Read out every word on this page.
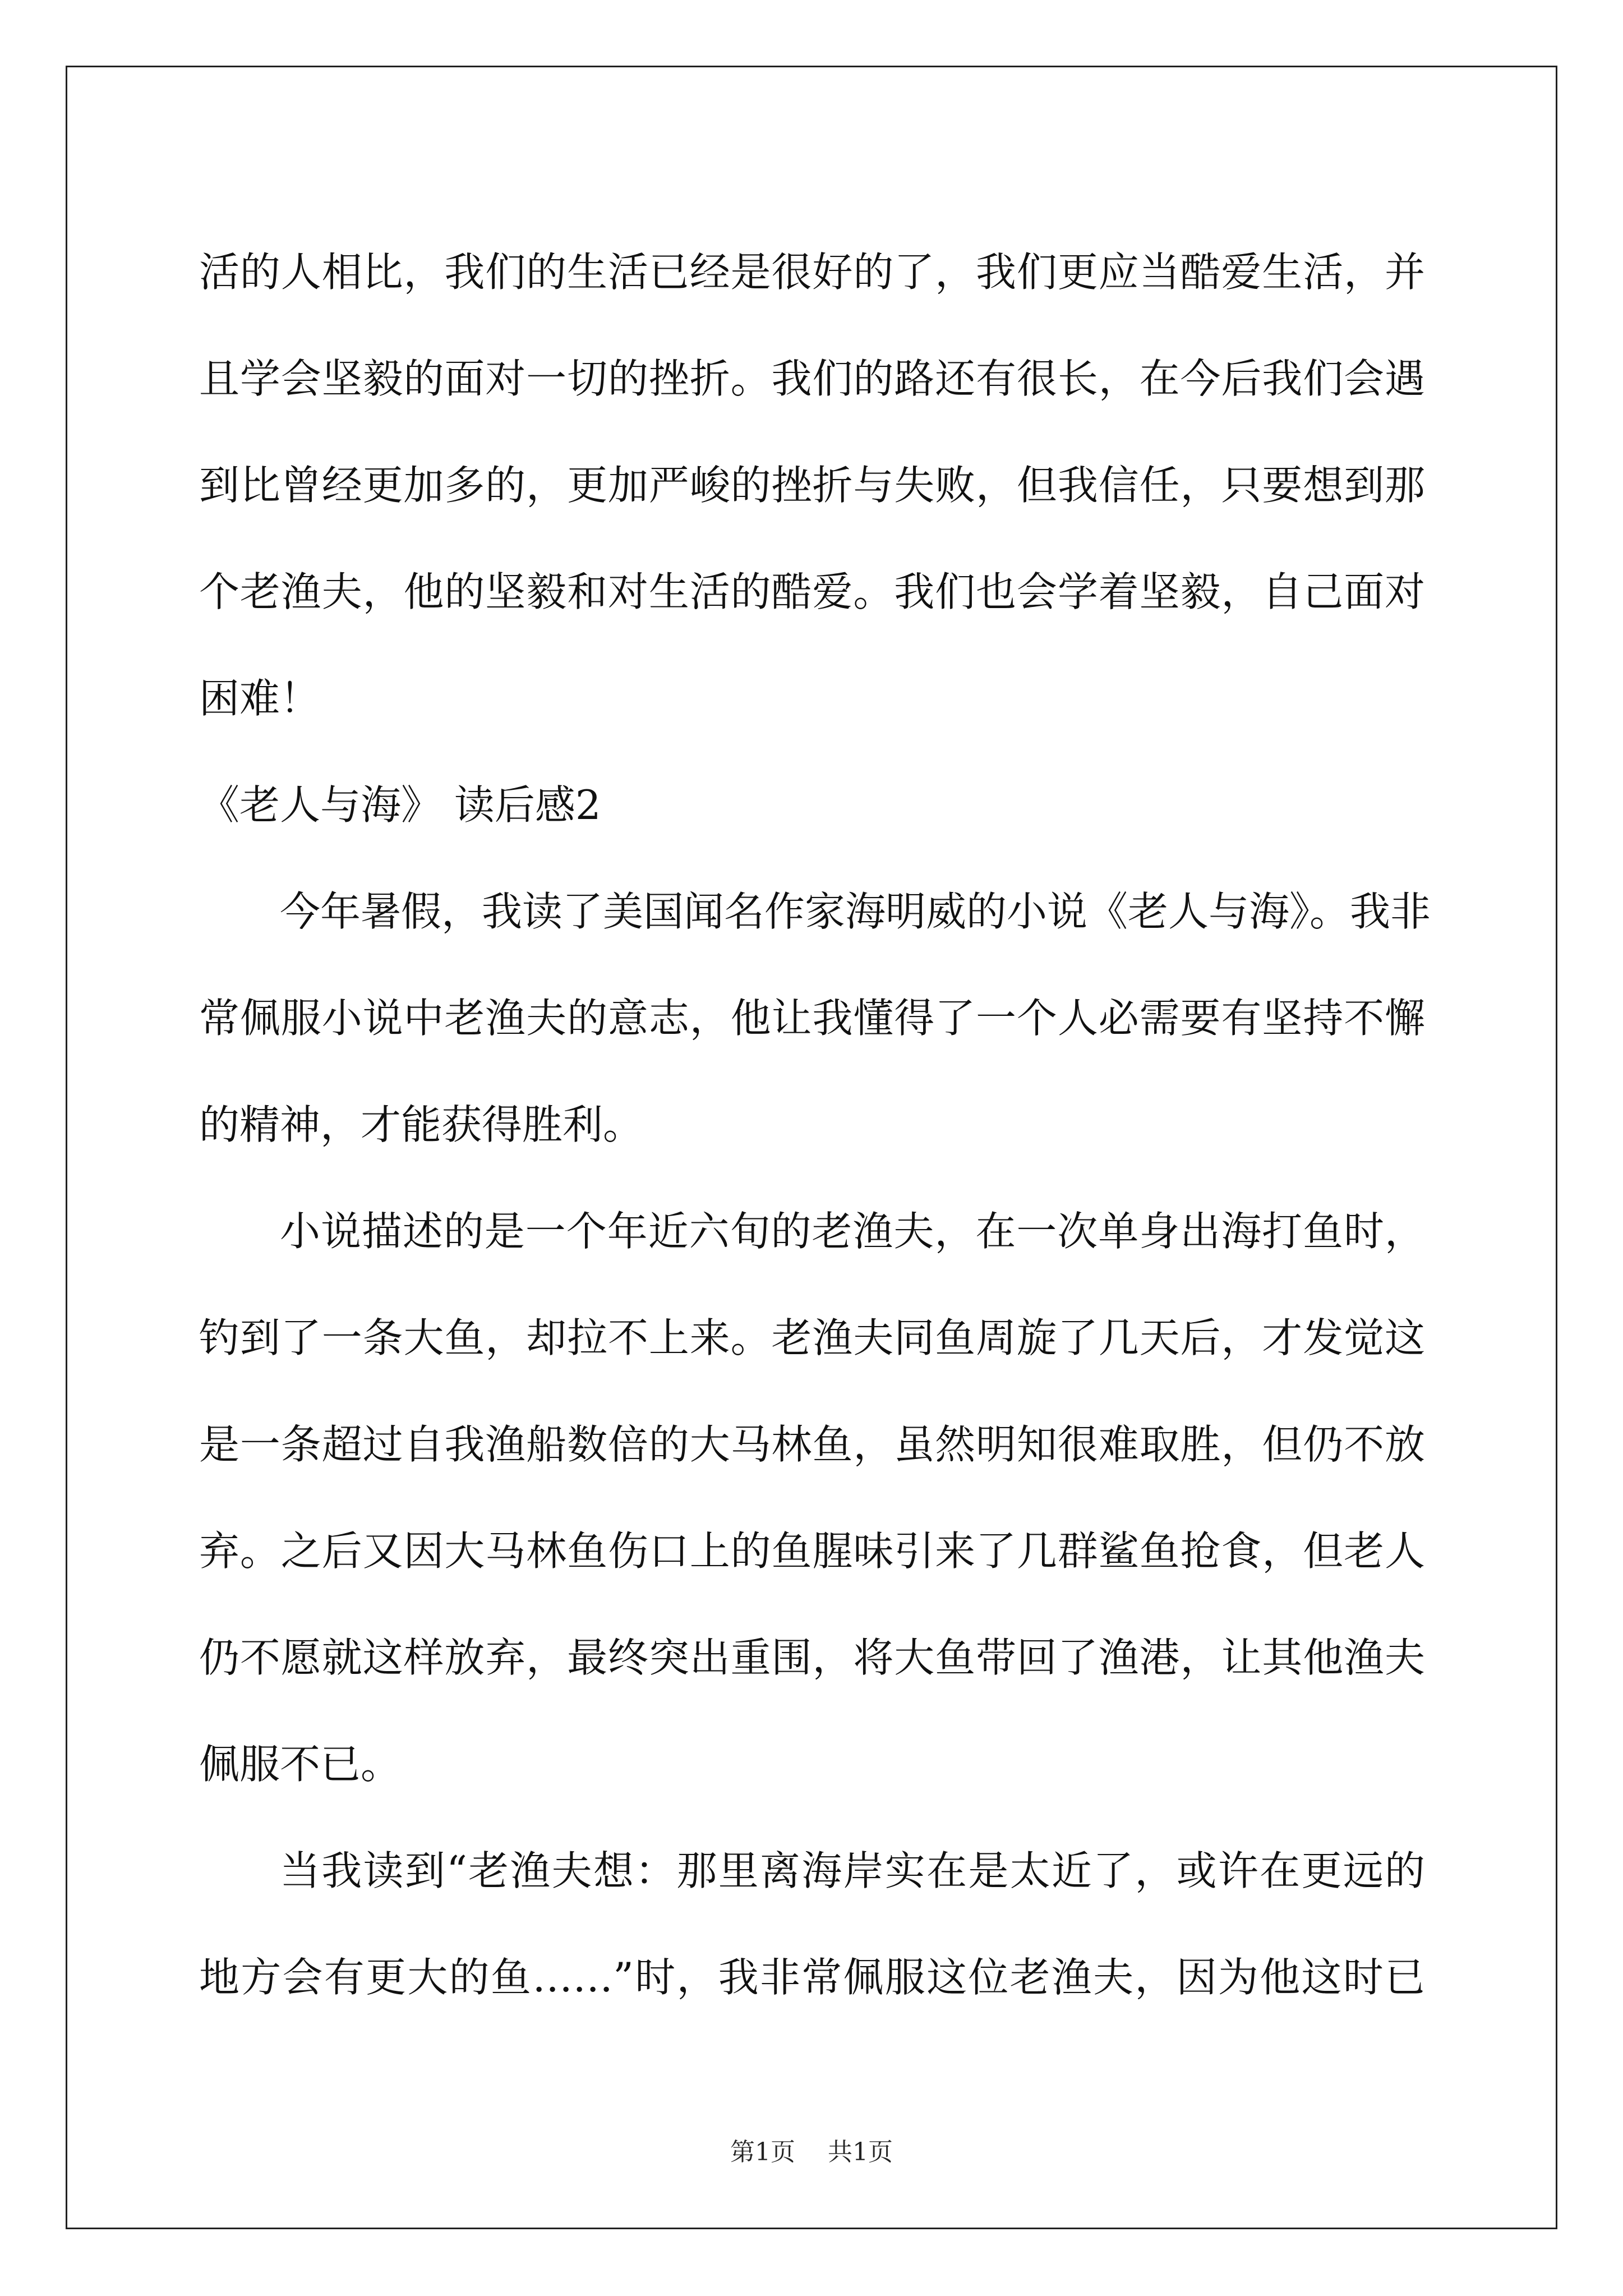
活的人相比，我们的生活已经是很好的了，我们更应当酷爱生活，并
且学会坚毅的面对一切的挫折。我们的路还有很长，在今后我们会遇
到比曾经更加多的，更加严峻的挫折与失败，但我信任，只要想到那
个老渔夫，他的坚毅和对生活的酷爱。我们也会学着坚毅，自己面对
困难！
《老人与海》 读后感2
今年暑假，我读了美国闻名作家海明威的小说《老人与海》。我非
常佩服小说中老渔夫的意志，他让我懂得了一个人必需要有坚持不懈
的精神，才能获得胜利。
小说描述的是一个年近六旬的老渔夫，在一次单身出海打鱼时，
钓到了一条大鱼，却拉不上来。老渔夫同鱼周旋了几天后，才发觉这
是一条超过自我渔船数倍的大马林鱼，虽然明知很难取胜，但仍不放
弃。之后又因大马林鱼伤口上的鱼腥味引来了几群鲨鱼抢食，但老人
仍不愿就这样放弃，最终突出重围，将大鱼带回了渔港，让其他渔夫
佩服不已。
当我读到“老渔夫想：那里离海岸实在是太近了，或许在更远的
地方会有更大的鱼……”时，我非常佩服这位老渔夫，因为他这时已
第1页 共1页
